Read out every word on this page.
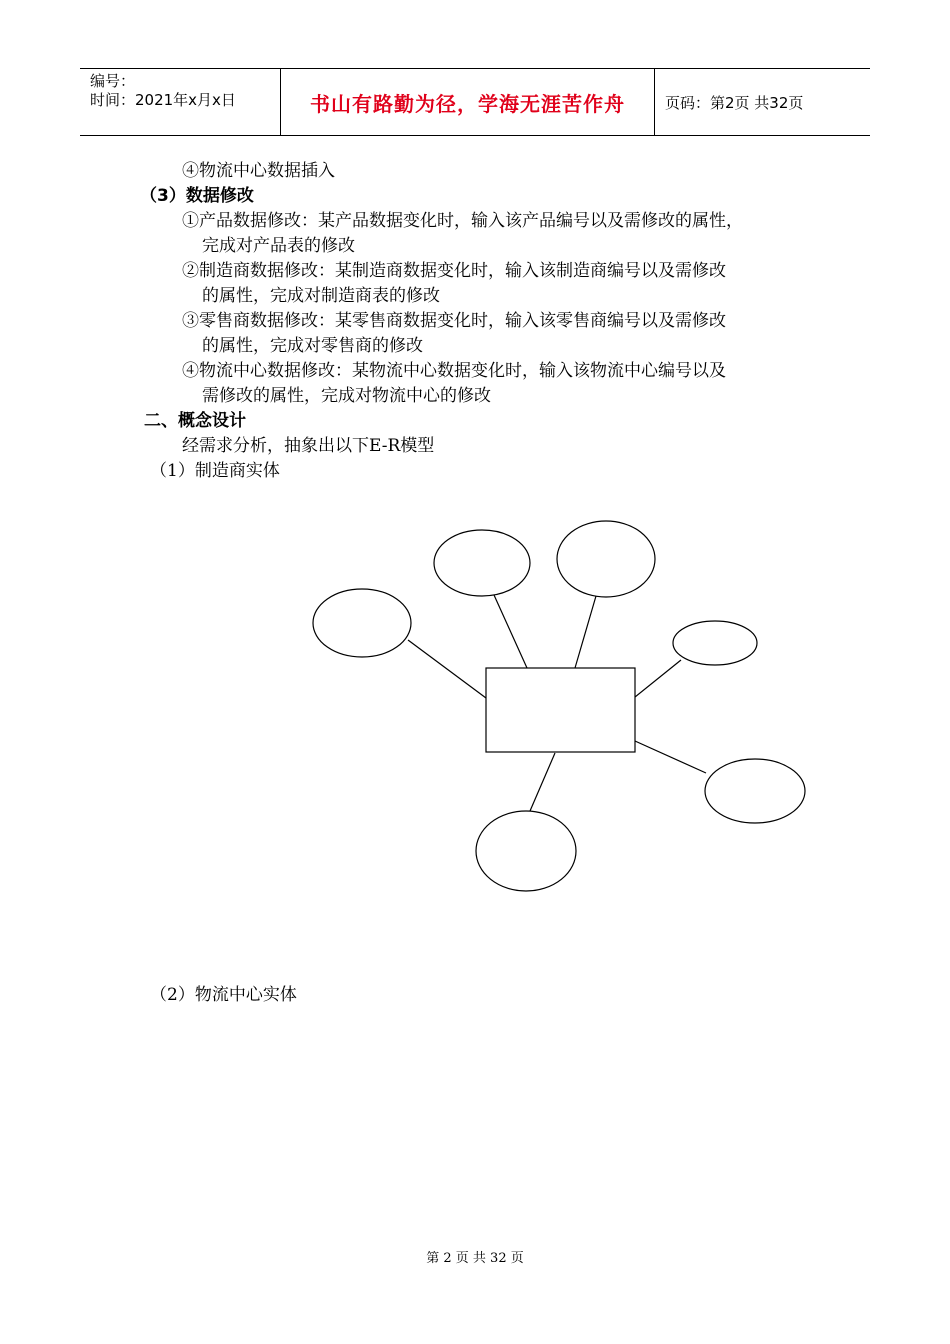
编号：
时间：2021年x月x日	书山有路勤为径，学海无涯苦作舟	页码：第2页 共32页
④物流中心数据插入
（3）数据修改
①产品数据修改：某产品数据变化时，输入该产品编号以及需修改的属性，
完成对产品表的修改
②制造商数据修改：某制造商数据变化时，输入该制造商编号以及需修改
的属性，完成对制造商表的修改
③零售商数据修改：某零售商数据变化时，输入该零售商编号以及需修改
的属性，完成对零售商的修改
④物流中心数据修改：某物流中心数据变化时，输入该物流中心编号以及
需修改的属性，完成对物流中心的修改
二、概念设计
经需求分析，抽象出以下E-R模型
（1）制造商实体
（2）物流中心实体
第 2 页 共 32 页
